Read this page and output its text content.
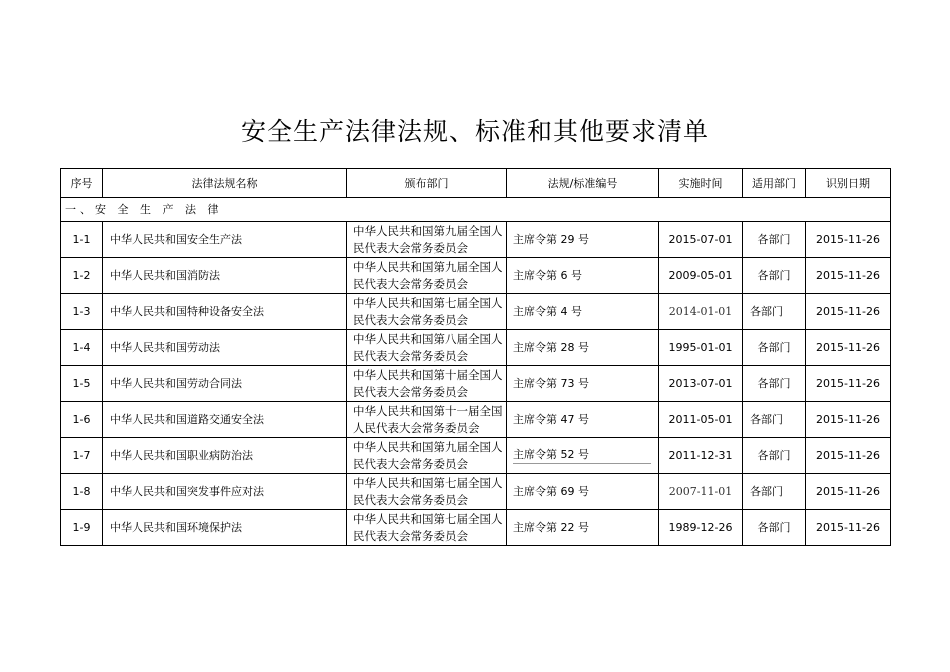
安全生产法律法规、标准和其他要求清单
序号	法律法规名称	颁布部门	法规/标准编号	实施时间	适用部门	识别日期
一、安 全 生 产 法 律						
1-1	中华人民共和国安全生产法	中华人民共和国第九届全国人民代表大会常务委员会	主席令第 29 号	2015-07-01	各部门	2015-11-26
1-2	中华人民共和国消防法	中华人民共和国第九届全国人民代表大会常务委员会	主席令第 6 号	2009-05-01	各部门	2015-11-26
1-3	中华人民共和国特种设备安全法	中华人民共和国第七届全国人民代表大会常务委员会	主席令第 4 号	2014-01-01	各部门	2015-11-26
1-4	中华人民共和国劳动法	中华人民共和国第八届全国人民代表大会常务委员会	主席令第 28 号	1995-01-01	各部门	2015-11-26
1-5	中华人民共和国劳动合同法	中华人民共和国第十届全国人民代表大会常务委员会	主席令第 73 号	2013-07-01	各部门	2015-11-26
1-6	中华人民共和国道路交通安全法	中华人民共和国第十一届全国人民代表大会常务委员会	主席令第 47 号	2011-05-01	各部门	2015-11-26
1-7	中华人民共和国职业病防治法	中华人民共和国第九届全国人民代表大会常务委员会	主席令第 52 号	2011-12-31	各部门	2015-11-26
1-8	中华人民共和国突发事件应对法	中华人民共和国第七届全国人民代表大会常务委员会	主席令第 69 号	2007-11-01	各部门	2015-11-26
1-9	中华人民共和国环境保护法	中华人民共和国第七届全国人民代表大会常务委员会	主席令第 22 号	1989-12-26	各部门	2015-11-26
